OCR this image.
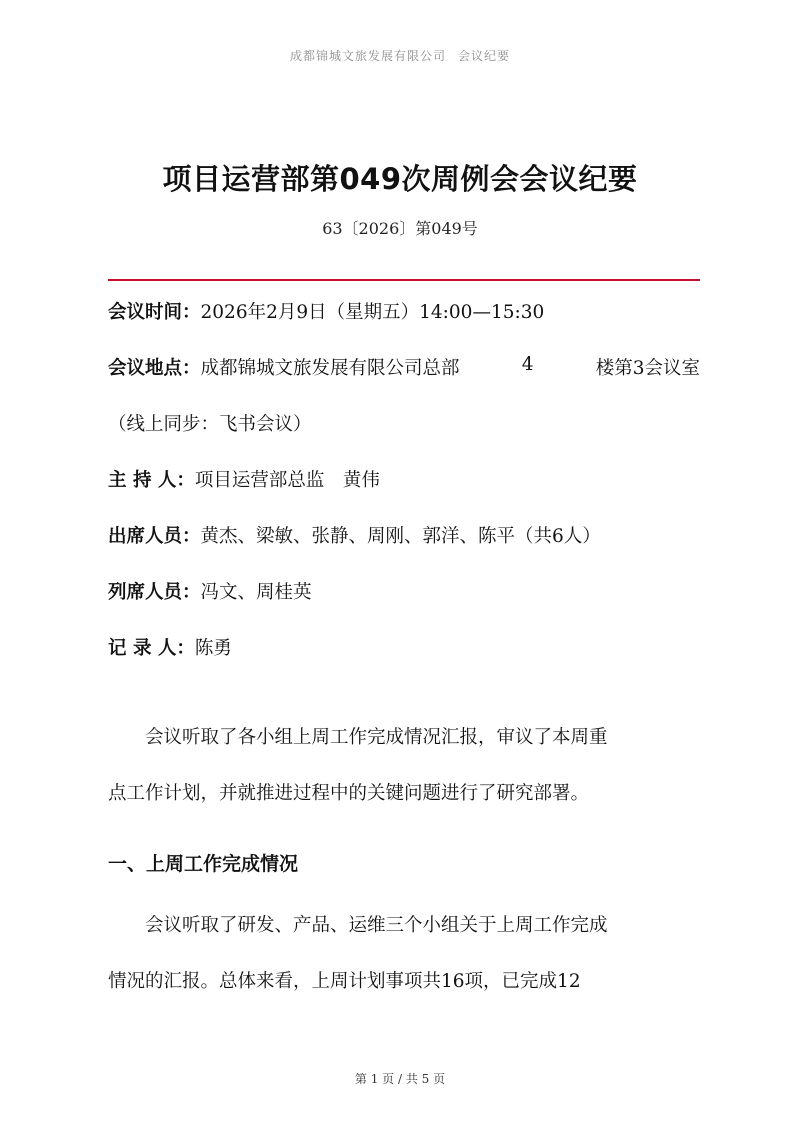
成都锦城文旅发展有限公司 会议纪要
项目运营部第049次周例会会议纪要
63〔2026〕第049号
会议时间：2026年2月9日（星期五）14:00—15:30
会议地点：成都锦城文旅发展有限公司总部	4	楼第3会议室
（线上同步：飞书会议）
主 持 人：项目运营部总监　黄伟
出席人员：黄杰、梁敏、张静、周刚、郭洋、陈平（共6人）
列席人员：冯文、周桂英
记 录 人：陈勇
　　会议听取了各小组上周工作完成情况汇报，审议了本周重
点工作计划，并就推进过程中的关键问题进行了研究部署。
一、上周工作完成情况
　　会议听取了研发、产品、运维三个小组关于上周工作完成
情况的汇报。总体来看，上周计划事项共16项，已完成12
第 1 页 / 共 5 页
